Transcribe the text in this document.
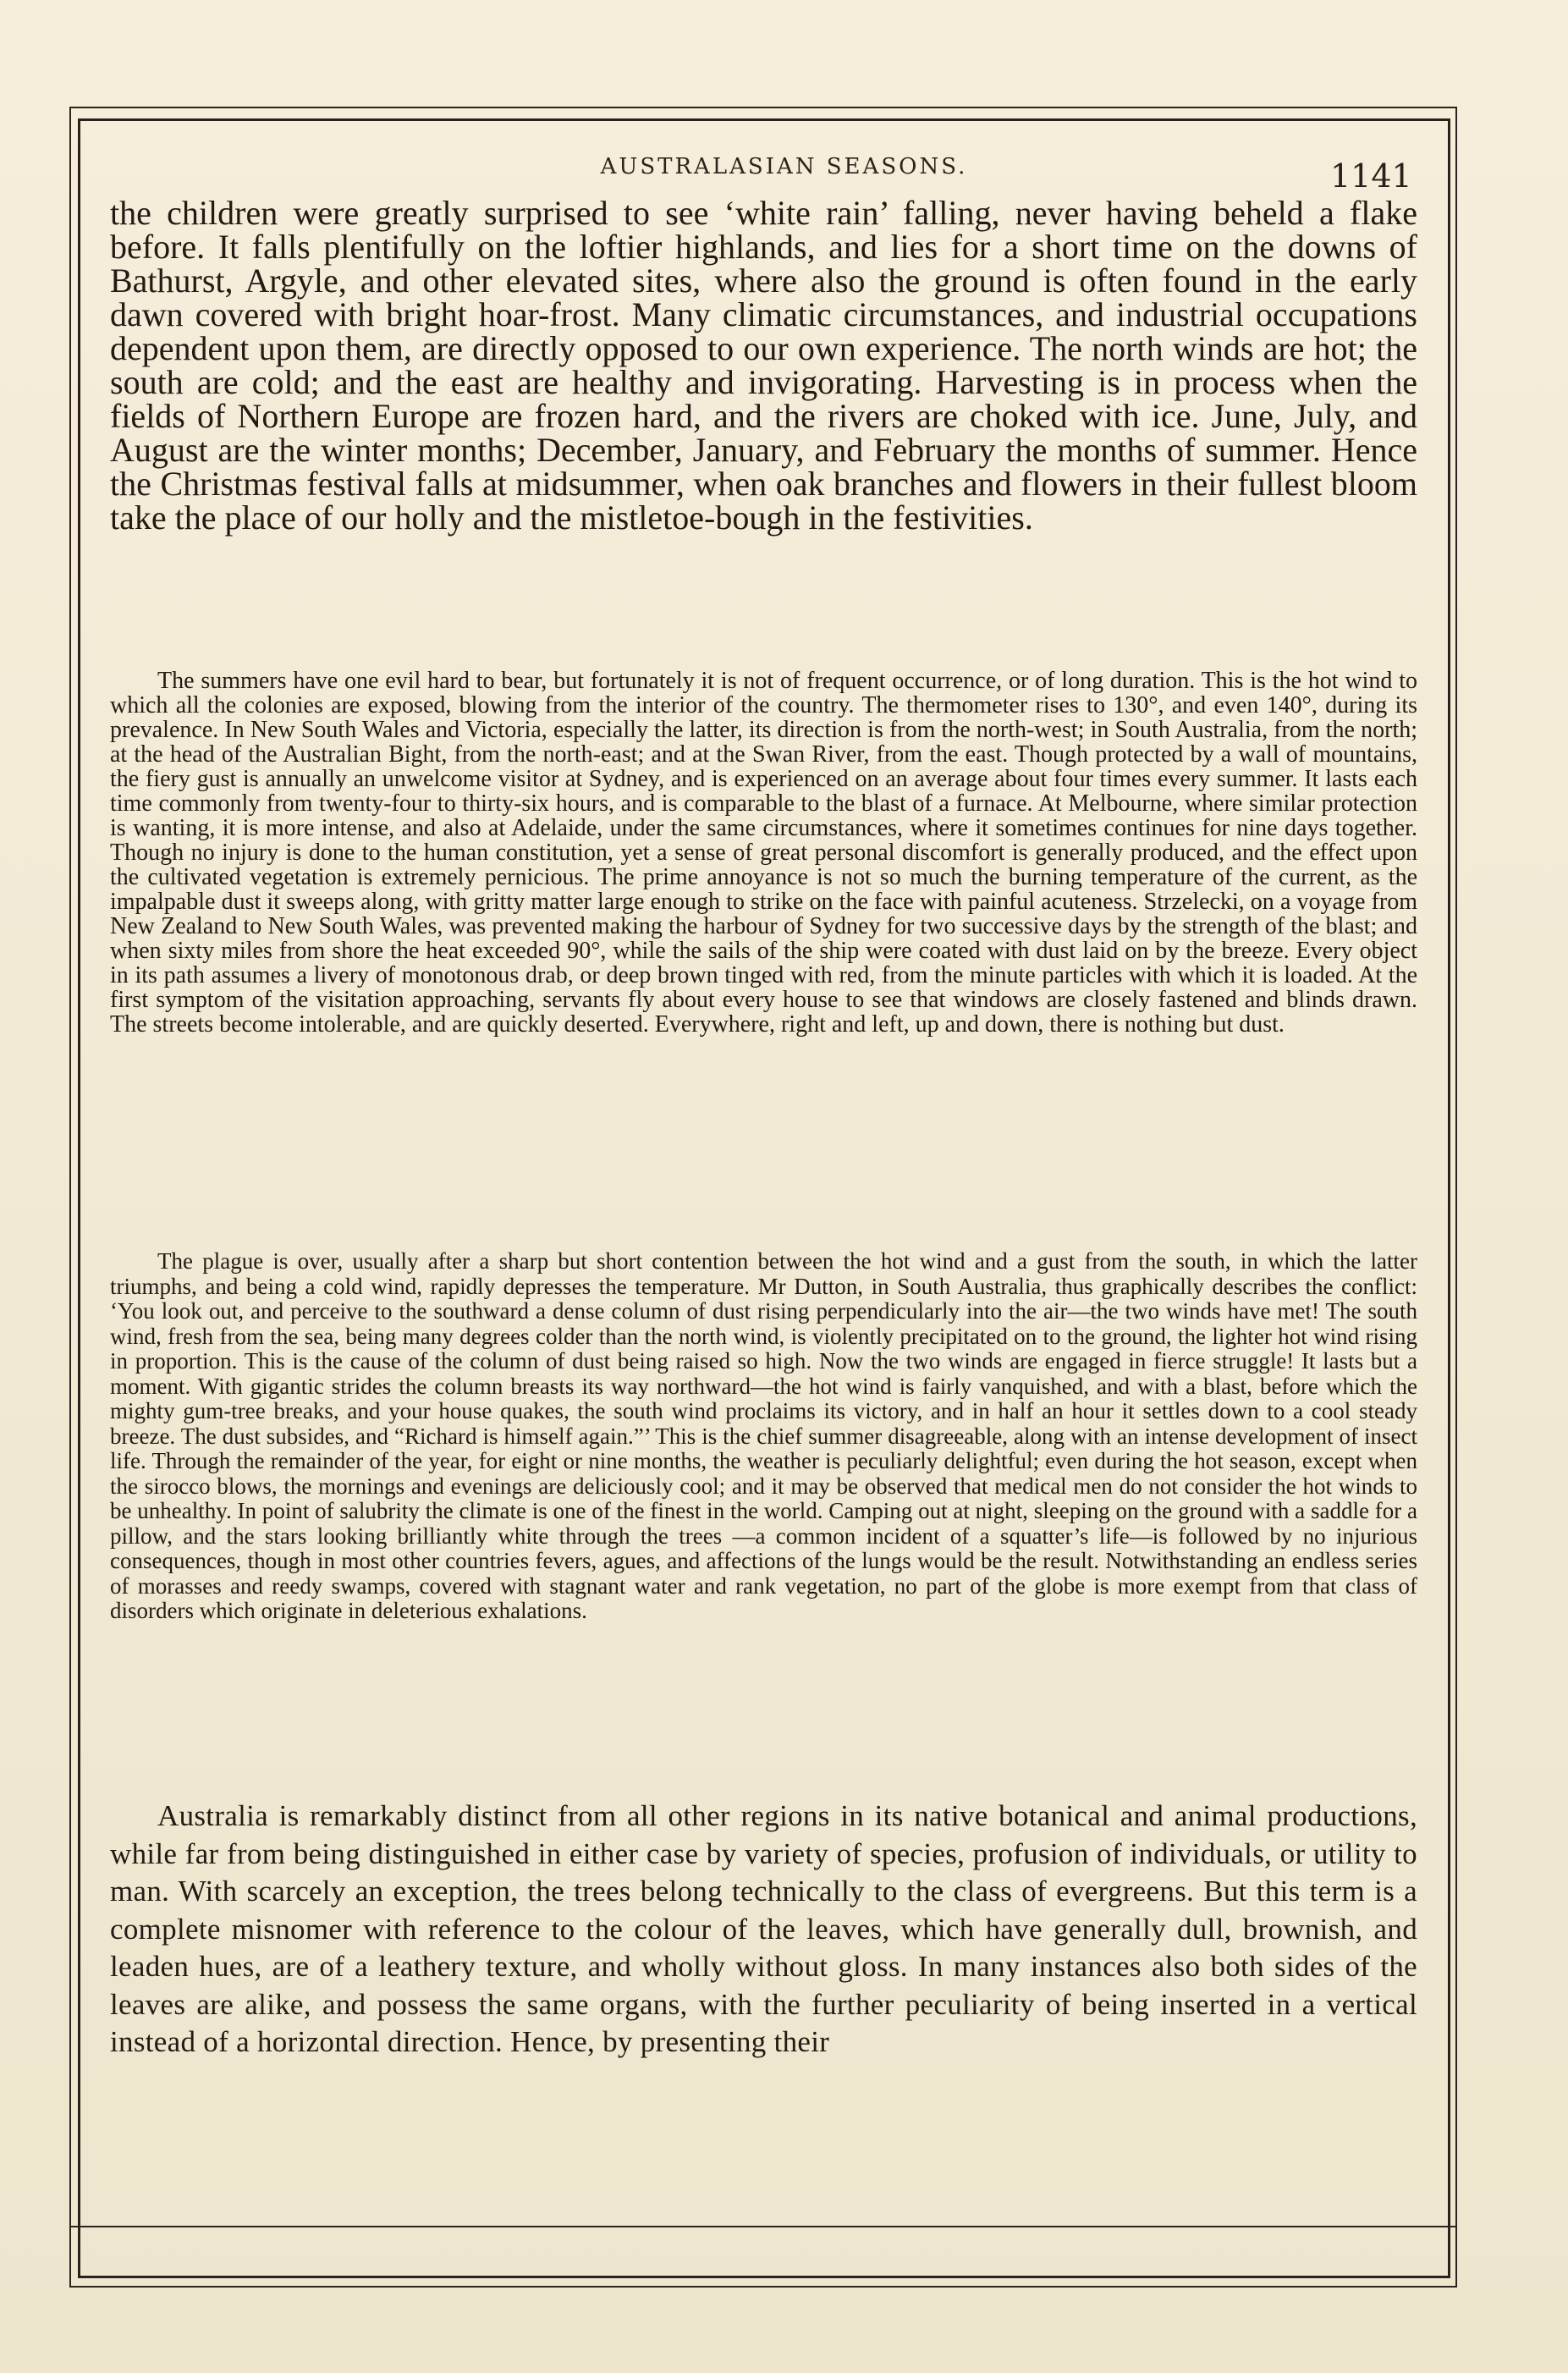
AUSTRALASIAN SEASONS.	1141

the children were greatly surprised to see ‘white rain’ falling, never having beheld a flake before. It falls plentifully on the loftier highlands, and lies for a short time on the downs of Bathurst, Argyle, and other elevated sites, where also the ground is often found in the early dawn covered with bright hoar-frost. Many climatic circumstances, and industrial occupations dependent upon them, are directly opposed to our own experience. The north winds are hot; the south are cold; and the east are healthy and invigorating. Harvesting is in process when the fields of Northern Europe are frozen hard, and the rivers are choked with ice. June, July, and August are the winter months; December, January, and February the months of summer. Hence the Christmas festival falls at midsummer, when oak branches and flowers in their fullest bloom take the place of our holly and the mistletoe-bough in the festivities.

The summers have one evil hard to bear, but fortunately it is not of frequent occurrence, or of long duration. This is the hot wind to which all the colonies are exposed, blowing from the interior of the country. The thermometer rises to 130°, and even 140°, during its prevalence. In New South Wales and Victoria, especially the latter, its direction is from the north-west; in South Australia, from the north; at the head of the Australian Bight, from the north-east; and at the Swan River, from the east. Though protected by a wall of mountains, the fiery gust is annually an unwelcome visitor at Sydney, and is experienced on an average about four times every summer. It lasts each time commonly from twenty-four to thirty-six hours, and is comparable to the blast of a furnace. At Melbourne, where similar protection is wanting, it is more intense, and also at Adelaide, under the same circumstances, where it sometimes continues for nine days together. Though no injury is done to the human constitution, yet a sense of great personal discomfort is generally produced, and the effect upon the cultivated vegetation is extremely pernicious. The prime annoyance is not so much the burning temperature of the current, as the impalpable dust it sweeps along, with gritty matter large enough to strike on the face with painful acuteness. Strzelecki, on a voyage from New Zealand to New South Wales, was prevented making the harbour of Sydney for two successive days by the strength of the blast; and when sixty miles from shore the heat exceeded 90°, while the sails of the ship were coated with dust laid on by the breeze. Every object in its path assumes a livery of monotonous drab, or deep brown tinged with red, from the minute particles with which it is loaded. At the first symptom of the visitation approaching, servants fly about every house to see that windows are closely fastened and blinds drawn. The streets become intolerable, and are quickly deserted. Everywhere, right and left, up and down, there is nothing but dust.

The plague is over, usually after a sharp but short contention between the hot wind and a gust from the south, in which the latter triumphs, and being a cold wind, rapidly depresses the temperature. Mr Dutton, in South Australia, thus graphically describes the conflict: ‘You look out, and perceive to the southward a dense column of dust rising perpendicularly into the air—the two winds have met! The south wind, fresh from the sea, being many degrees colder than the north wind, is violently precipitated on to the ground, the lighter hot wind rising in proportion. This is the cause of the column of dust being raised so high. Now the two winds are engaged in fierce struggle! It lasts but a moment. With gigantic strides the column breasts its way northward—the hot wind is fairly vanquished, and with a blast, before which the mighty gum-tree breaks, and your house quakes, the south wind proclaims its victory, and in half an hour it settles down to a cool steady breeze. The dust subsides, and “Richard is himself again.”’ This is the chief summer disagreeable, along with an intense development of insect life. Through the remainder of the year, for eight or nine months, the weather is peculiarly delightful; even during the hot season, except when the sirocco blows, the mornings and evenings are deliciously cool; and it may be observed that medical men do not consider the hot winds to be unhealthy. In point of salubrity the climate is one of the finest in the world. Camping out at night, sleeping on the ground with a saddle for a pillow, and the stars looking brilliantly white through the trees —a common incident of a squatter’s life—is followed by no injurious consequences, though in most other countries fevers, agues, and affections of the lungs would be the result. Notwithstanding an endless series of morasses and reedy swamps, covered with stagnant water and rank vegetation, no part of the globe is more exempt from that class of disorders which originate in deleterious exhalations.

Australia is remarkably distinct from all other regions in its native botanical and animal productions, while far from being distinguished in either case by variety of species, profusion of individuals, or utility to man. With scarcely an exception, the trees belong technically to the class of evergreens. But this term is a complete misnomer with reference to the colour of the leaves, which have generally dull, brownish, and leaden hues, are of a leathery texture, and wholly without gloss. In many instances also both sides of the leaves are alike, and possess the same organs, with the further peculiarity of being inserted in a vertical instead of a horizontal direction. Hence, by presenting their
